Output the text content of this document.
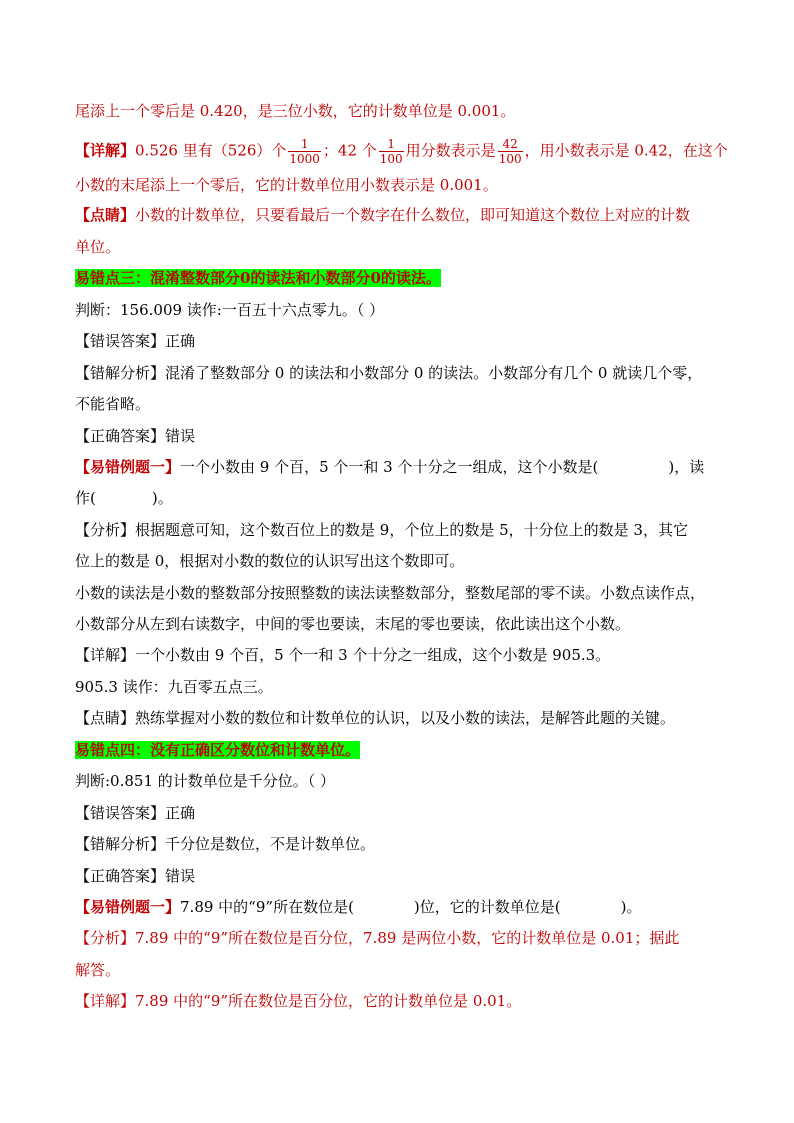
尾添上一个零后是 0.420，是三位小数，它的计数单位是 0.001。
【详解】0.526 里有（526）个 $\frac{1}{1000}$ ；42 个 $\frac{1}{100}$ 用分数表示是 $\frac{42}{100}$ ，用小数表示是 0.42，在这个
小数的末尾添上一个零后，它的计数单位用小数表示是 0.001。
【点睛】小数的计数单位，只要看最后一个数字在什么数位，即可知道这个数位上对应的计数
单位。
易错点三：混淆整数部分0的读法和小数部分0的读法。
判断：156.009 读作:一百五十六点零九。（ ）
【错误答案】正确
【错解分析】混淆了整数部分 0 的读法和小数部分 0 的读法。小数部分有几个 0 就读几个零，
不能省略。
【正确答案】错误
【易错例题一】一个小数由 9 个百，5 个一和 3 个十分之一组成，这个小数是(	)，读
作(	)。
【分析】根据题意可知，这个数百位上的数是 9，个位上的数是 5，十分位上的数是 3，其它
位上的数是 0，根据对小数的数位的认识写出这个数即可。
小数的读法是小数的整数部分按照整数的读法读整数部分，整数尾部的零不读。小数点读作点，
小数部分从左到右读数字，中间的零也要读，末尾的零也要读，依此读出这个小数。
【详解】一个小数由 9 个百，5 个一和 3 个十分之一组成，这个小数是 905.3。
905.3 读作：九百零五点三。
【点睛】熟练掌握对小数的数位和计数单位的认识，以及小数的读法，是解答此题的关键。
易错点四：没有正确区分数位和计数单位。
判断:0.851 的计数单位是千分位。（ ）
【错误答案】正确
【错解分析】千分位是数位，不是计数单位。
【正确答案】错误
【易错例题一】7.89 中的“9”所在数位是(	)位，它的计数单位是(	)。
【分析】7.89 中的“9”所在数位是百分位，7.89 是两位小数，它的计数单位是 0.01；据此
解答。
【详解】7.89 中的“9”所在数位是百分位，它的计数单位是 0.01。
